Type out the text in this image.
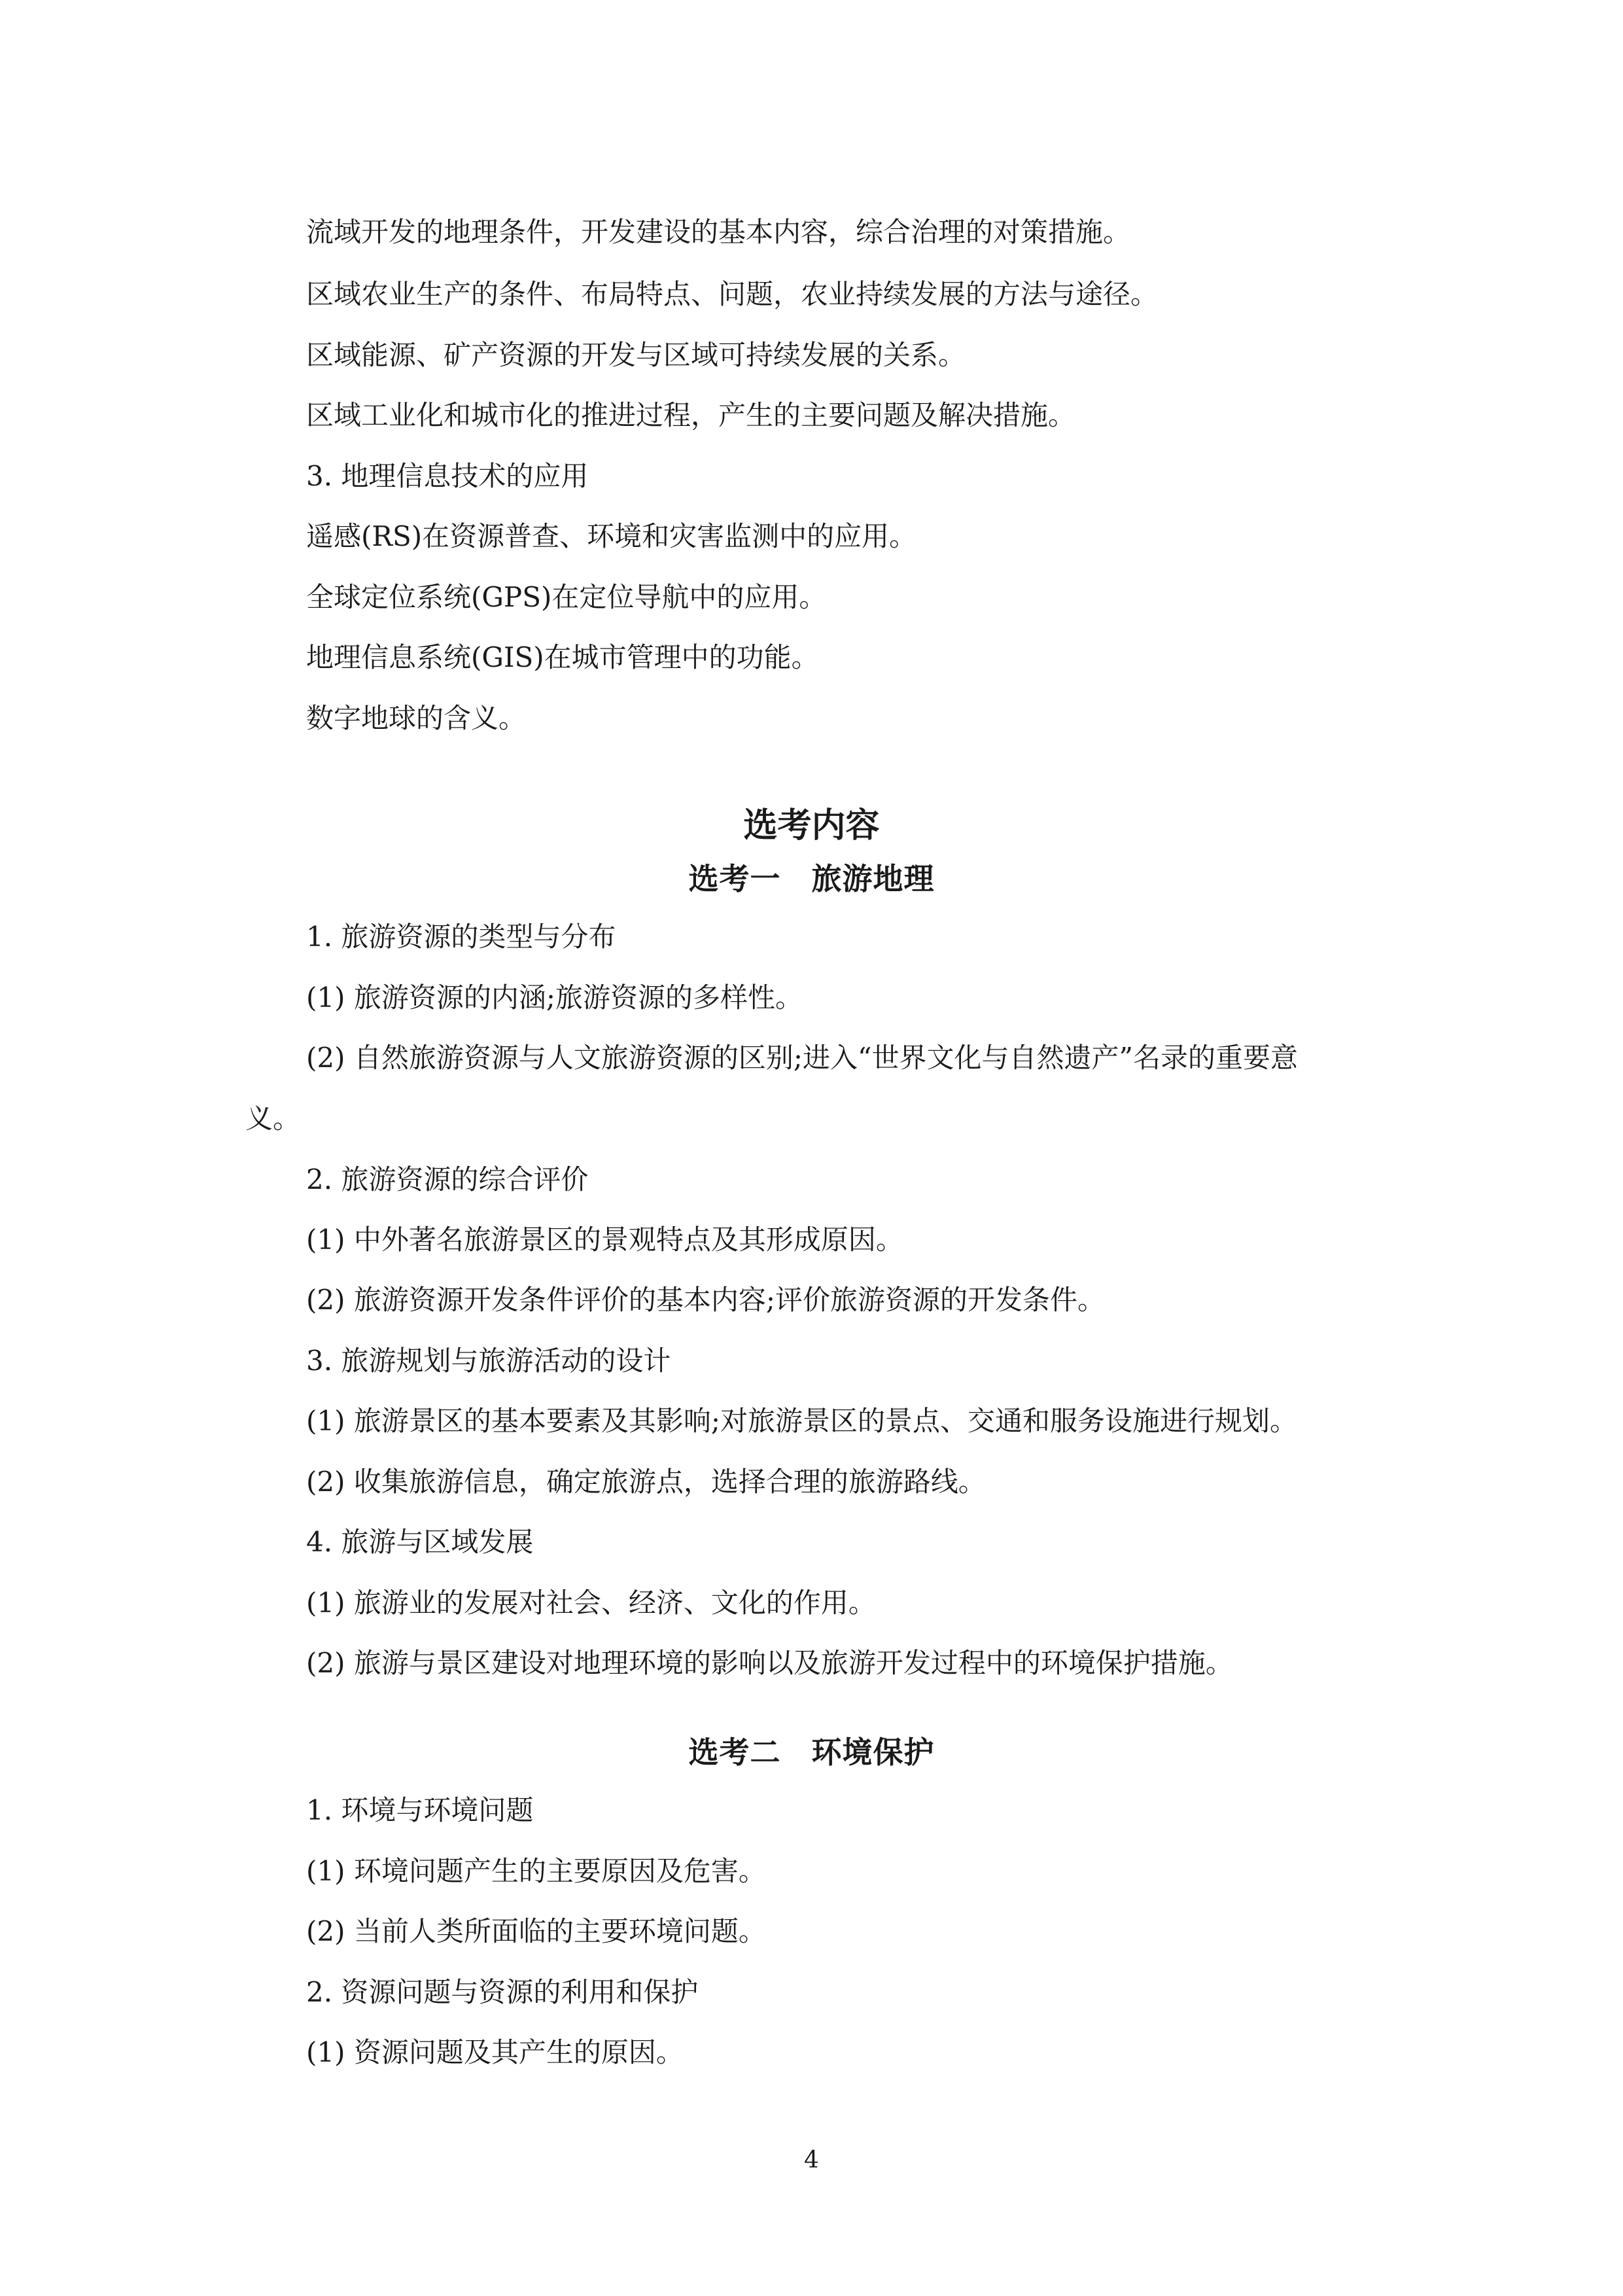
流域开发的地理条件，开发建设的基本内容，综合治理的对策措施。
区域农业生产的条件、布局特点、问题，农业持续发展的方法与途径。
区域能源、矿产资源的开发与区域可持续发展的关系。
区域工业化和城市化的推进过程，产生的主要问题及解决措施。
3. 地理信息技术的应用
遥感(RS)在资源普查、环境和灾害监测中的应用。
全球定位系统(GPS)在定位导航中的应用。
地理信息系统(GIS)在城市管理中的功能。
数字地球的含义。
选考内容
选考一　旅游地理
1. 旅游资源的类型与分布
(1) 旅游资源的内涵;旅游资源的多样性。
(2) 自然旅游资源与人文旅游资源的区别;进入“世界文化与自然遗产”名录的重要意
义。
2. 旅游资源的综合评价
(1) 中外著名旅游景区的景观特点及其形成原因。
(2) 旅游资源开发条件评价的基本内容;评价旅游资源的开发条件。
3. 旅游规划与旅游活动的设计
(1) 旅游景区的基本要素及其影响;对旅游景区的景点、交通和服务设施进行规划。
(2) 收集旅游信息，确定旅游点，选择合理的旅游路线。
4. 旅游与区域发展
(1) 旅游业的发展对社会、经济、文化的作用。
(2) 旅游与景区建设对地理环境的影响以及旅游开发过程中的环境保护措施。
选考二　环境保护
1. 环境与环境问题
(1) 环境问题产生的主要原因及危害。
(2) 当前人类所面临的主要环境问题。
2. 资源问题与资源的利用和保护
(1) 资源问题及其产生的原因。
4
